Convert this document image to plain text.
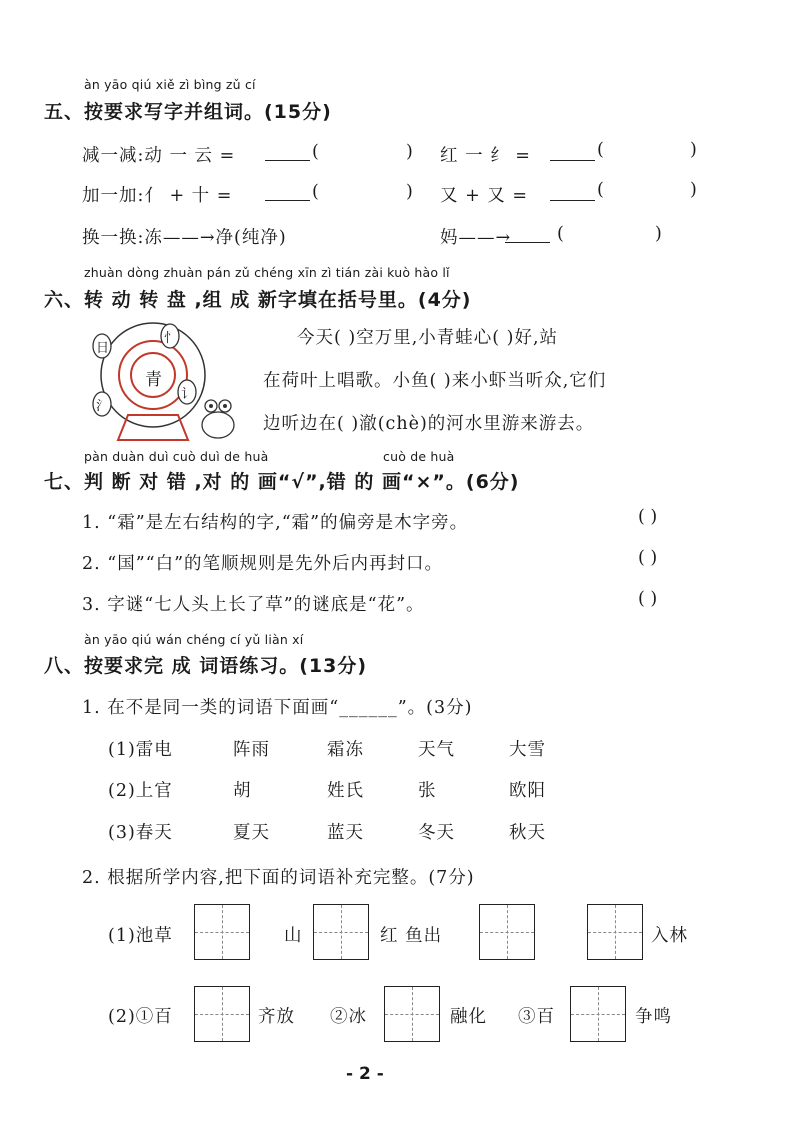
àn yāo qiú xiě zì bìng zǔ cí
五、按要求写字并组词。(15分)
减一减:动 一 云 =	(	) 红 一 纟 =	(	)
加一加:亻 + 十 =	(	) 又 + 又 =	(	)
换一换:冻——→净(纯净)	妈——→	(	)
zhuàn dòng zhuàn pán zǔ chéng xīn zì tián zài kuò hào lǐ
六、转 动 转 盘 ,组 成 新字填在括号里。(4分)
青
日
忄
氵
讠
今天( )空万里,小青蛙心( )好,站
在荷叶上唱歌。小鱼( )来小虾当听众,它们
边听边在( )澈(chè)的河水里游来游去。
pàn duàn duì cuò duì de huà	cuò de huà
七、判 断 对 错 ,对 的 画“√”,错 的 画“×”。(6分)
1. “霜”是左右结构的字,“霜”的偏旁是木字旁。	( )
2. “国”“白”的笔顺规则是先外后内再封口。	( )
3. 字谜“七人头上长了草”的谜底是“花”。	( )
àn yāo qiú wán chéng cí yǔ liàn xí
八、按要求完 成 词语练习。(13分)
1. 在不是同一类的词语下面画“______”。(3分)
(1)雷电	阵雨	霜冻	天气	大雪
(2)上官	胡	姓氏	张	欧阳
(3)春天	夏天	蓝天	冬天	秋天
2. 根据所学内容,把下面的词语补充完整。(7分)
(1)池草	山	红 鱼出	入林
(2)①百	齐放 ②冰	融化 ③百	争鸣
- 2 -
